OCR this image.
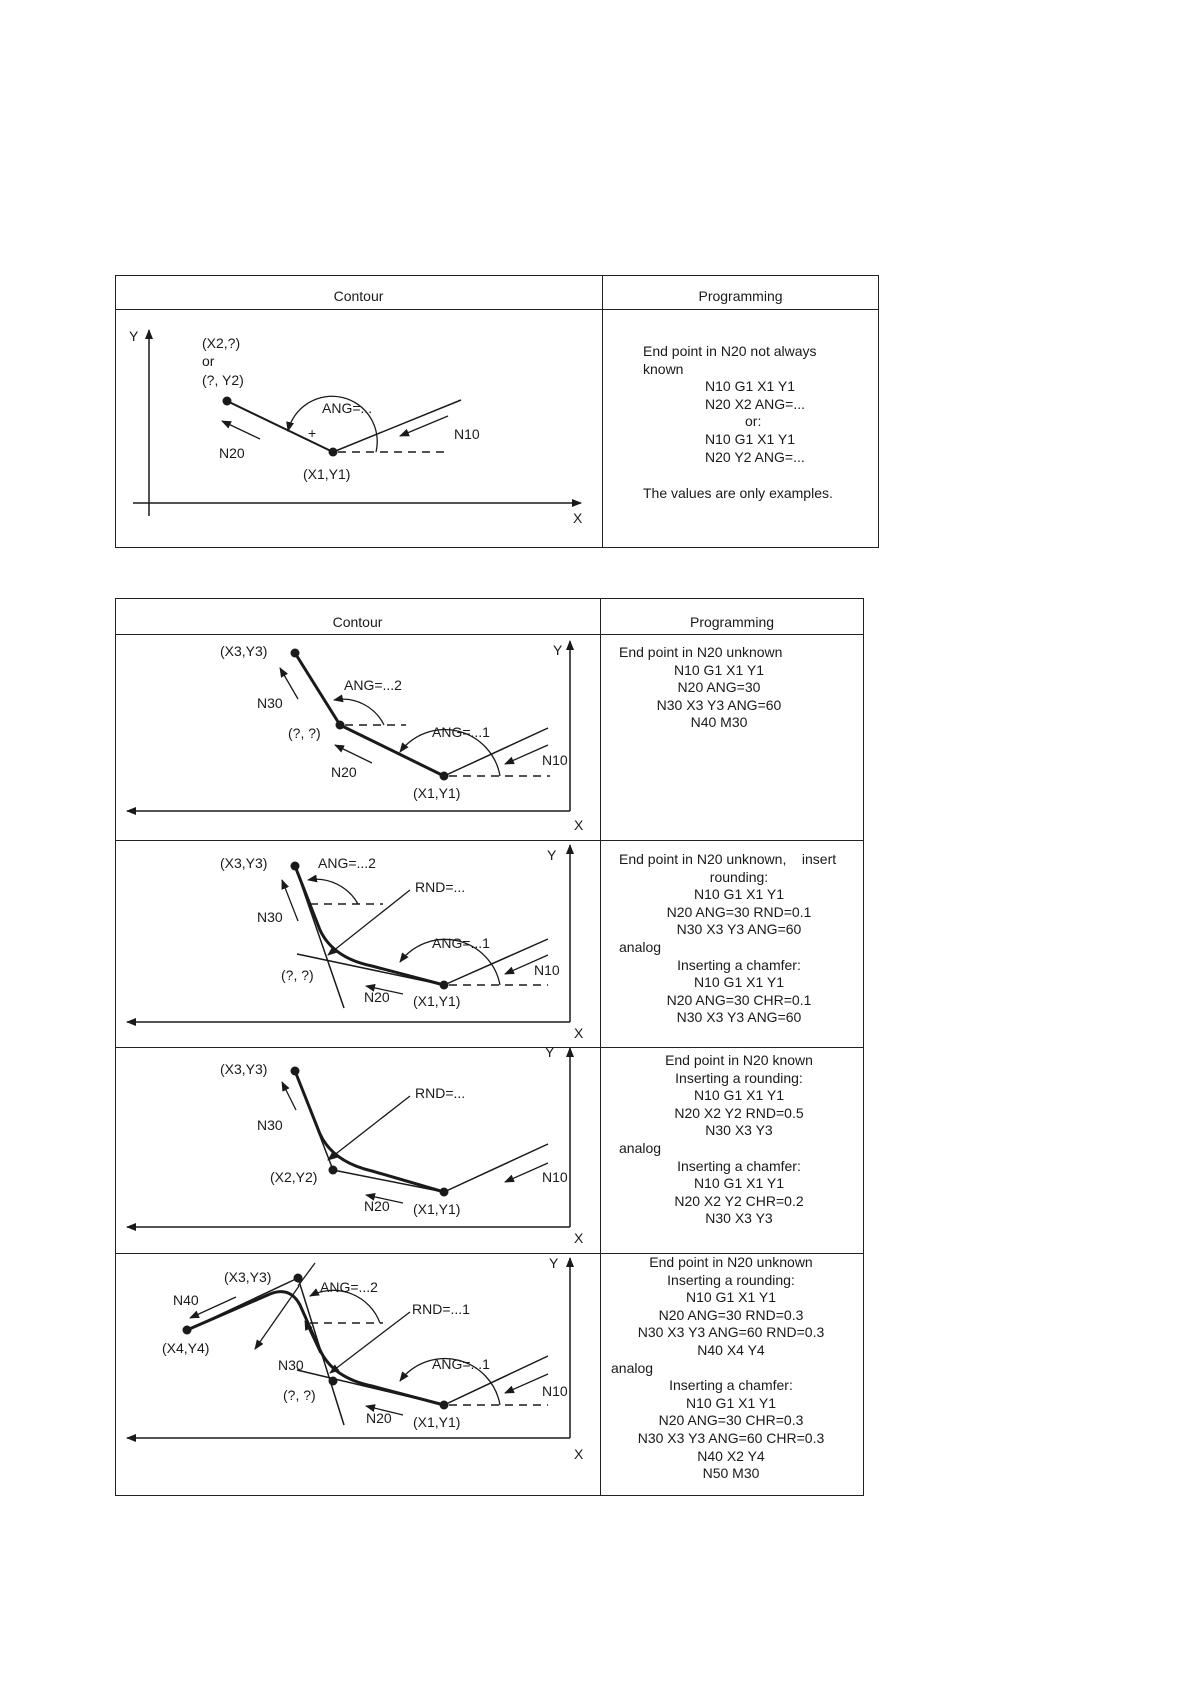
Contour	Programming
Y
X
(X2,?)
or
(?, Y2)
ANG=...
+	N10
N20
(X1,Y1)
End point in N20 not always
known
N10 G1 X1 Y1
N20 X2 ANG=...
or:
N10 G1 X1 Y1
N20 Y2 ANG=...
The values are only examples.
Contour	Programming
Y
X
(X3,Y3)
ANG=...2
N30
(?, ?)	ANG=...1
N20
N10
(X1,Y1)
End point in N20 unknown
N10 G1 X1 Y1
N20 ANG=30
N30 X3 Y3 ANG=60
N40 M30
Y
X
(X3,Y3)	ANG=...2
RND=...
N30
ANG=...1
N10
(?, ?)
N20 (X1,Y1)
End point in N20 unknown,    insert
rounding:
N10 G1 X1 Y1
N20 ANG=30 RND=0.1
N30 X3 Y3 ANG=60
analog
Inserting a chamfer:
N10 G1 X1 Y1
N20 ANG=30 CHR=0.1
N30 X3 Y3 ANG=60
Y
X
(X3,Y3)
RND=...
N30
(X2,Y2)	N10
N20 (X1,Y1)
End point in N20 known
Inserting a rounding:
N10 G1 X1 Y1
N20 X2 Y2 RND=0.5
N30 X3 Y3
analog
Inserting a chamfer:
N10 G1 X1 Y1
N20 X2 Y2 CHR=0.2
N30 X3 Y3
Y
X
(X3,Y3)
N40
ANG=...2
RND=...1
(X4,Y4)
N30	ANG=...1
(?, ?)	N10
N20 (X1,Y1)
End point in N20 unknown
Inserting a rounding:
N10 G1 X1 Y1
N20 ANG=30 RND=0.3
N30 X3 Y3 ANG=60 RND=0.3
N40 X4 Y4
analog
Inserting a chamfer:
N10 G1 X1 Y1
N20 ANG=30 CHR=0.3
N30 X3 Y3 ANG=60 CHR=0.3
N40 X2 Y4
N50 M30
